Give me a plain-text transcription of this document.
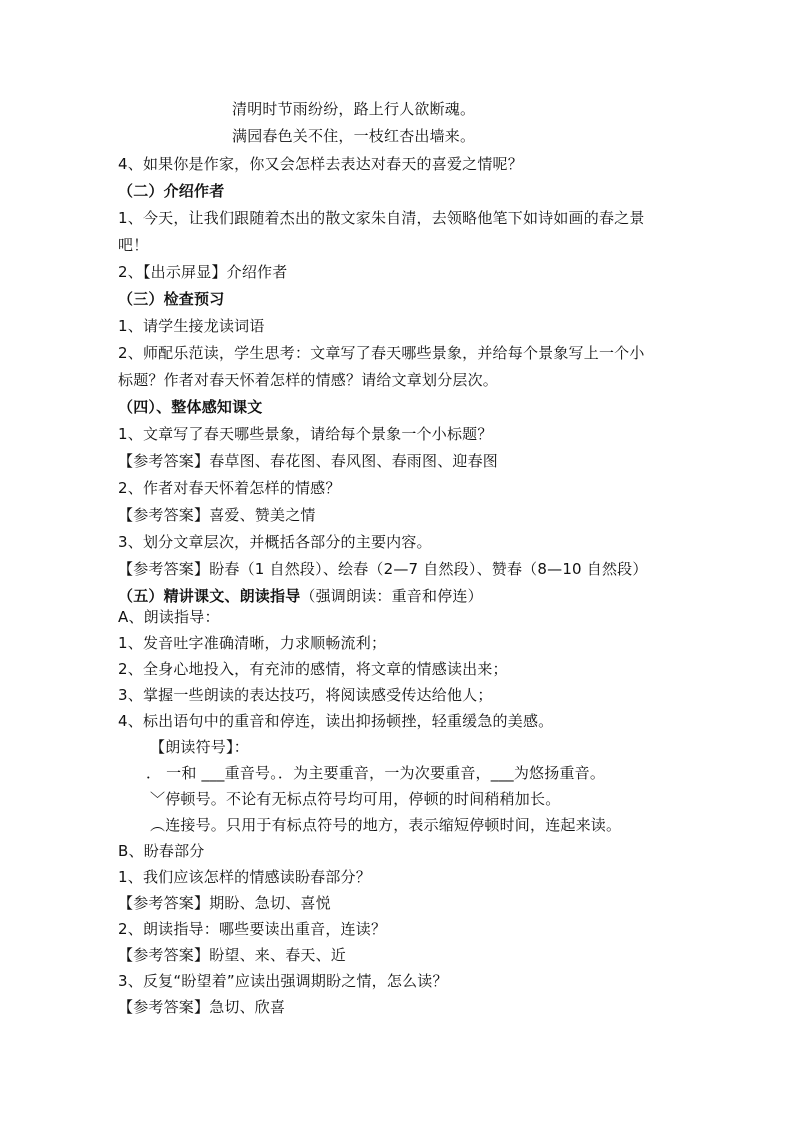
清明时节雨纷纷，路上行人欲断魂。
满园春色关不住，一枝红杏出墙来。
4、如果你是作家，你又会怎样去表达对春天的喜爱之情呢？
（二）介绍作者
1、今天，让我们跟随着杰出的散文家朱自清，去领略他笔下如诗如画的春之景
吧！
2、【出示屏显】介绍作者
（三）检查预习
1、请学生接龙读词语
2、师配乐范读，学生思考：文章写了春天哪些景象，并给每个景象写上一个小
标题？作者对春天怀着怎样的情感？请给文章划分层次。
（四）、整体感知课文
1、文章写了春天哪些景象，请给每个景象一个小标题？
【参考答案】春草图、春花图、春风图、春雨图、迎春图
2、作者对春天怀着怎样的情感？
【参考答案】喜爱、赞美之情
3、划分文章层次，并概括各部分的主要内容。
【参考答案】盼春（1 自然段）、绘春（2—7 自然段）、赞春（8—10 自然段）
（五）精讲课文、朗读指导（强调朗读：重音和停连）
A、朗读指导：
1、发音吐字准确清晰，力求顺畅流利；
2、全身心地投入，有充沛的感情，将文章的情感读出来；
3、掌握一些朗读的表达技巧，将阅读感受传达给他人；
4、标出语句中的重音和停连，读出抑扬顿挫，轻重缓急的美感。
【朗读符号】：
． 一和 ___重音号。．为主要重音，一为次要重音，___为悠扬重音。
﹀停顿号。不论有无标点符号均可用，停顿的时间稍稍加长。
︵连接号。只用于有标点符号的地方，表示缩短停顿时间，连起来读。
B、盼春部分
1、我们应该怎样的情感读盼春部分？
【参考答案】期盼、急切、喜悦
2、朗读指导：哪些要读出重音，连读？
【参考答案】盼望、来、春天、近
3、反复“盼望着”应读出强调期盼之情，怎么读？
【参考答案】急切、欣喜
